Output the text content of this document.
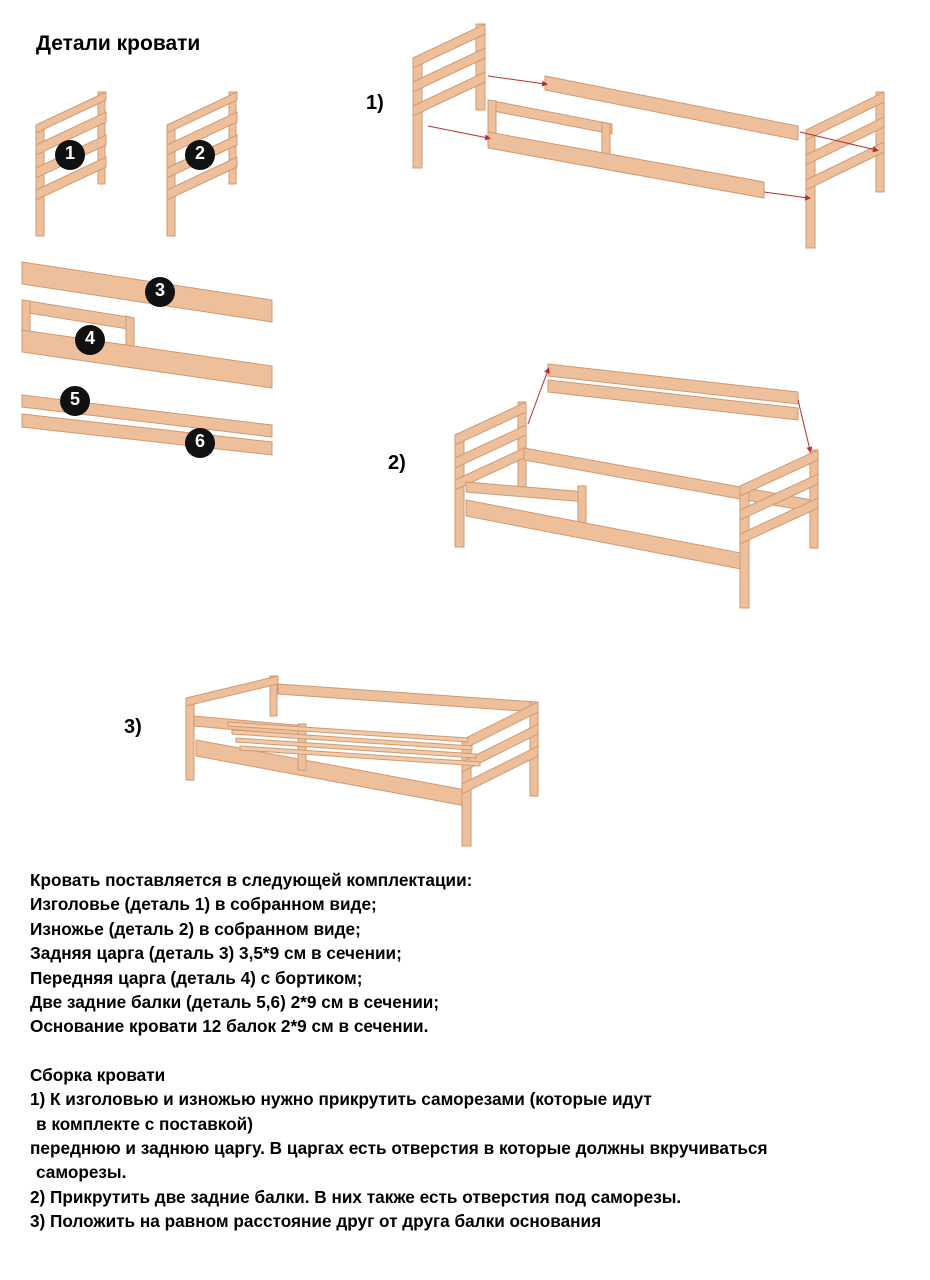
Детали кровати
1)
2)
3)
1	2
3
4
5
6
Кровать поставляется в следующей комплектации:
Изголовье (деталь 1) в собранном виде;
Изножье (деталь 2) в собранном виде;
Задняя царга (деталь 3) 3,5*9 см в сечении;
Передняя царга (деталь 4) с бортиком;
Две задние балки (деталь 5,6) 2*9 см в сечении;
Основание кровати 12 балок 2*9 см в сечении.
Сборка кровати
1) К изголовью и изножью нужно прикрутить саморезами (которые идут
в комплекте с поставкой)
переднюю и заднюю царгу. В царгах есть отверстия в которые должны вкручиваться
саморезы.
2) Прикрутить две задние балки. В них также есть отверстия под саморезы.
3) Положить на равном расстояние друг от друга балки основания
